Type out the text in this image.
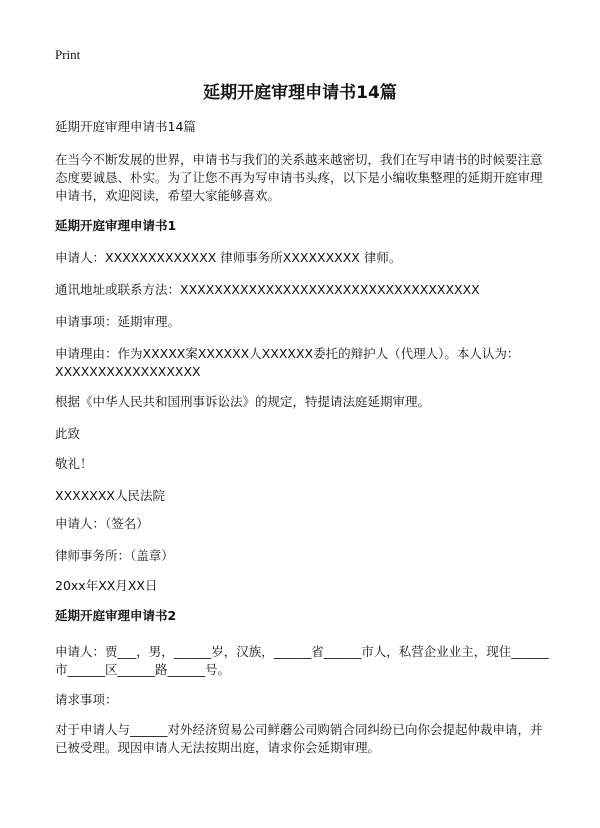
Print
延期开庭审理申请书14篇

延期开庭审理申请书14篇

在当今不断发展的世界，申请书与我们的关系越来越密切，我们在写申请书的时候要注意态度要诚恳、朴实。为了让您不再为写申请书头疼，以下是小编收集整理的延期开庭审理申请书，欢迎阅读，希望大家能够喜欢。

延期开庭审理申请书1

申请人：XXXXXXXXXXXXX 律师事务所XXXXXXXXX 律师。

通讯地址或联系方法：XXXXXXXXXXXXXXXXXXXXXXXXXXXXXXXXXXX

申请事项：延期审理。

申请理由：作为XXXXX案XXXXXX人XXXXXX委托的辩护人（代理人）。本人认为：XXXXXXXXXXXXXXXXX

根据《中华人民共和国刑事诉讼法》的规定，特提请法庭延期审理。

此致

敬礼！

XXXXXXX人民法院

申请人：（签名）

律师事务所：（盖章）

20xx年XX月XX日

延期开庭审理申请书2

申请人：贾___，男，______岁，汉族，______省______市人，私营企业业主，现住______市______区______路______号。

请求事项：

对于申请人与______对外经济贸易公司鲜蘑公司购销合同纠纷已向你会提起仲裁申请，并已被受理。现因申请人无法按期出庭，请求你会延期审理。
